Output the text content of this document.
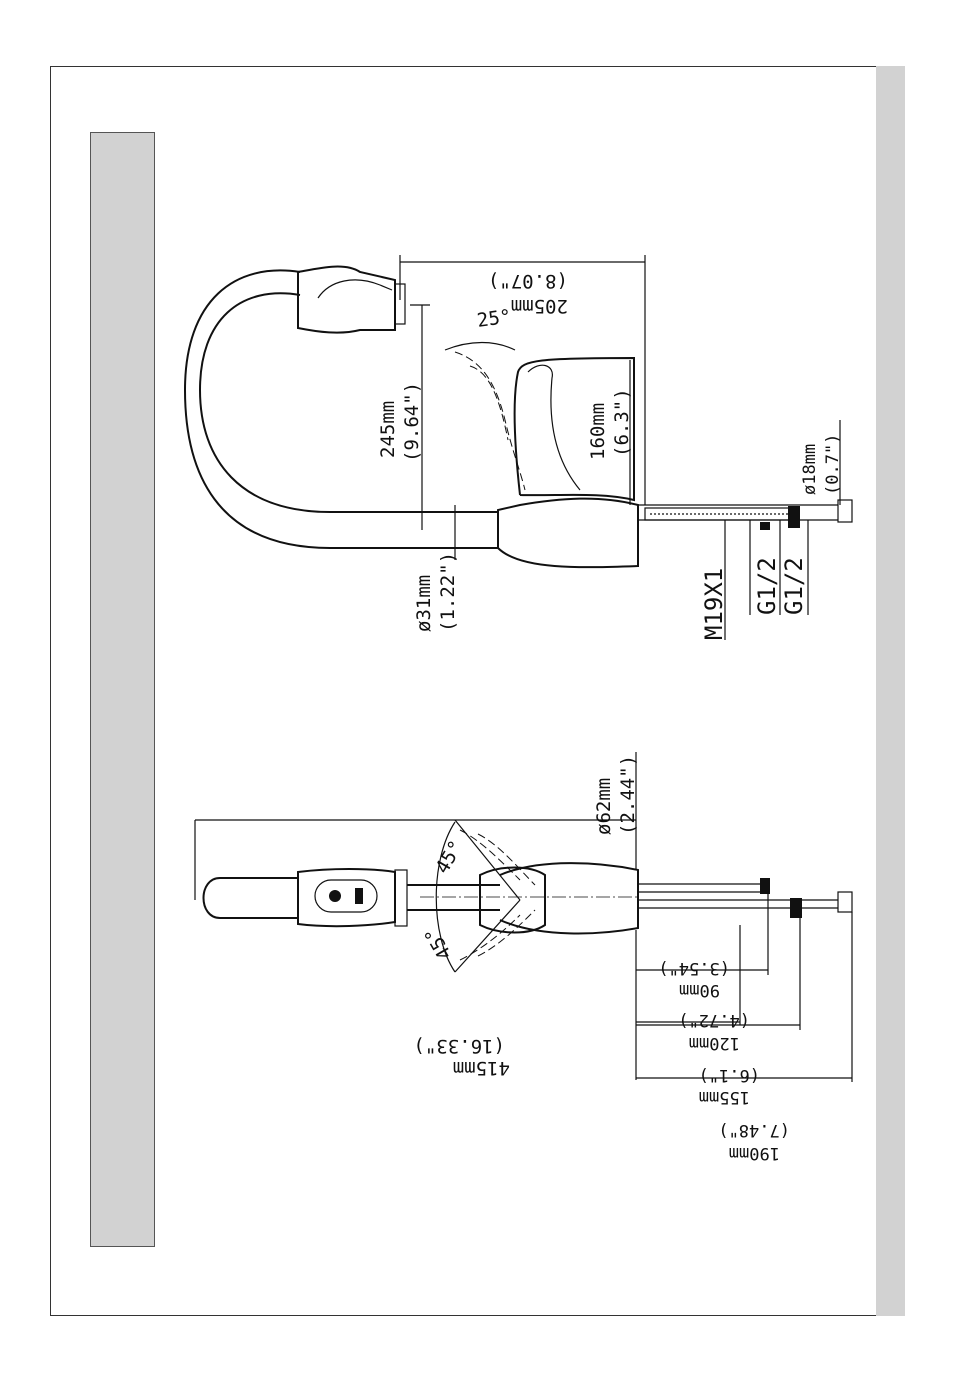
205mm
(8.07")
245mm (9.64")
25°
160mm (6.3")
ø18mm (0.7")
ø31mm (1.22")	M19X1 G1/2 G1/2
ø62mm (2.44")
45°
45°
415mm
(16.33")
(3.54")
90mm
(4.72")
120mm
(6.1")
155mm
(7.48")
190mm
